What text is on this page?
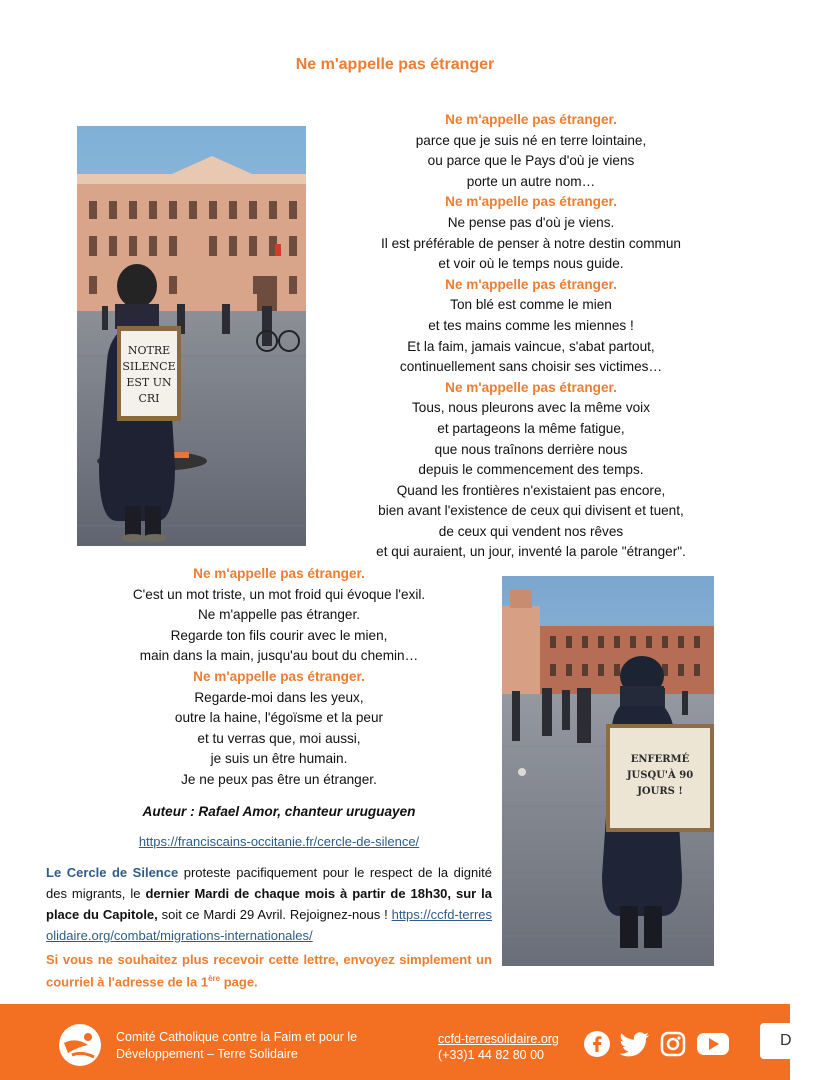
Ne m'appelle pas étranger
NOTRE
SILENCE
EST UN
CRI
Ne m'appelle pas étranger.
parce que je suis né en terre lointaine,
ou parce que le Pays d'où je viens
porte un autre nom…
Ne m'appelle pas étranger.
Ne pense pas d'où je viens.
Il est préférable de penser à notre destin commun
et voir où le temps nous guide.
Ne m'appelle pas étranger.
Ton blé est comme le mien
et tes mains comme les miennes !
Et la faim, jamais vaincue, s'abat partout,
continuellement sans choisir ses victimes…
Ne m'appelle pas étranger.
Tous, nous pleurons avec la même voix
et partageons la même fatigue,
que nous traînons derrière nous
depuis le commencement des temps.
Quand les frontières n'existaient pas encore,
bien avant l'existence de ceux qui divisent et tuent,
de ceux qui vendent nos rêves
et qui auraient, un jour, inventé la parole "étranger".
Ne m'appelle pas étranger.
C'est un mot triste, un mot froid qui évoque l'exil.
Ne m'appelle pas étranger.
Regarde ton fils courir avec le mien,
main dans la main, jusqu'au bout du chemin…
Ne m'appelle pas étranger.
Regarde-moi dans les yeux,
outre la haine, l'égoïsme et la peur
et tu verras que, moi aussi,
je suis un être humain.
Je ne peux pas être un étranger.
ENFERMÉ
JUSQU'À 90
JOURS !
Auteur : Rafael Amor, chanteur uruguayen
https://franciscains-occitanie.fr/cercle-de-silence/
Le Cercle de Silence proteste pacifiquement pour le respect de la dignité des migrants, le dernier Mardi de chaque mois à partir de 18h30, sur la place du Capitole, soit ce Mardi 29 Avril. Rejoignez-nous ! https://ccfd-terresolidaire.org/combat/migrations-internationales/
Si vous ne souhaitez plus recevoir cette lettre, envoyez simplement un courriel à l'adresse de la 1ère page.
Comité Catholique contre la Faim et pour le
Développement – Terre Solidaire
ccfd-terresolidaire.org
(+33)1 44 82 80 00
D
